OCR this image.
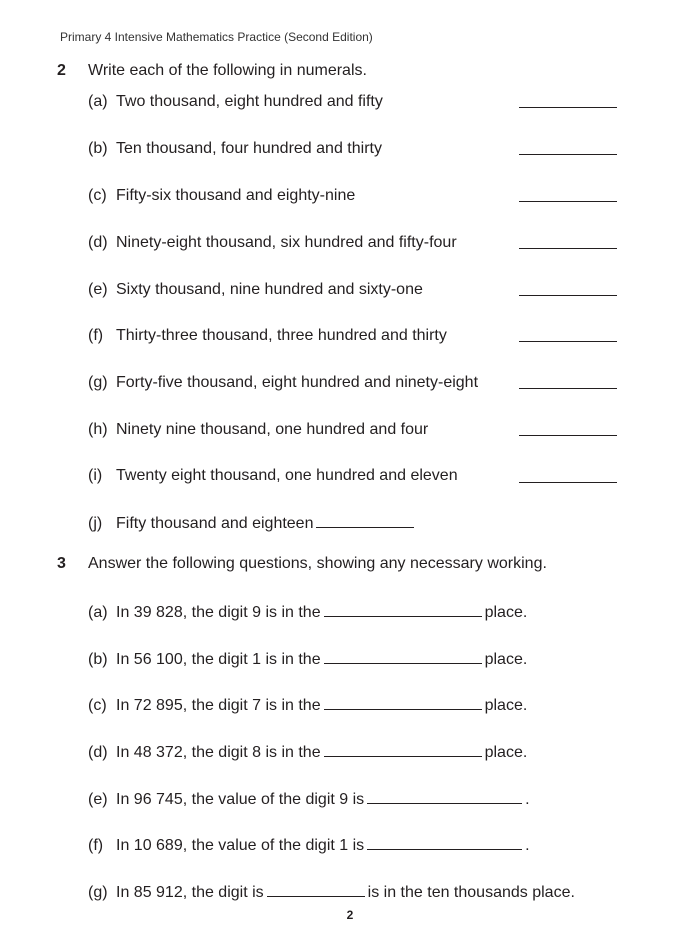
Primary 4 Intensive Mathematics Practice (Second Edition)
2 Write each of the following in numerals.
(a) Two thousand, eight hundred and fifty
(b) Ten thousand, four hundred and thirty
(c) Fifty-six thousand and eighty-nine
(d) Ninety-eight thousand, six hundred and fifty-four
(e) Sixty thousand, nine hundred and sixty-one
(f) Thirty-three thousand, three hundred and thirty
(g) Forty-five thousand, eight hundred and ninety-eight
(h) Ninety nine thousand, one hundred and four
(i) Twenty eight thousand, one hundred and eleven
(j) Fifty thousand and eighteen
3 Answer the following questions, showing any necessary working.
(a) In 39 828, the digit 9 is in the	place.
(b) In 56 100, the digit 1 is in the	place.
(c) In 72 895, the digit 7 is in the	place.
(d) In 48 372, the digit 8 is in the	place.
(e) In 96 745, the value of the digit 9 is	.
(f) In 10 689, the value of the digit 1 is	.
(g) In 85 912, the digit is	is in the ten thousands place.
2
